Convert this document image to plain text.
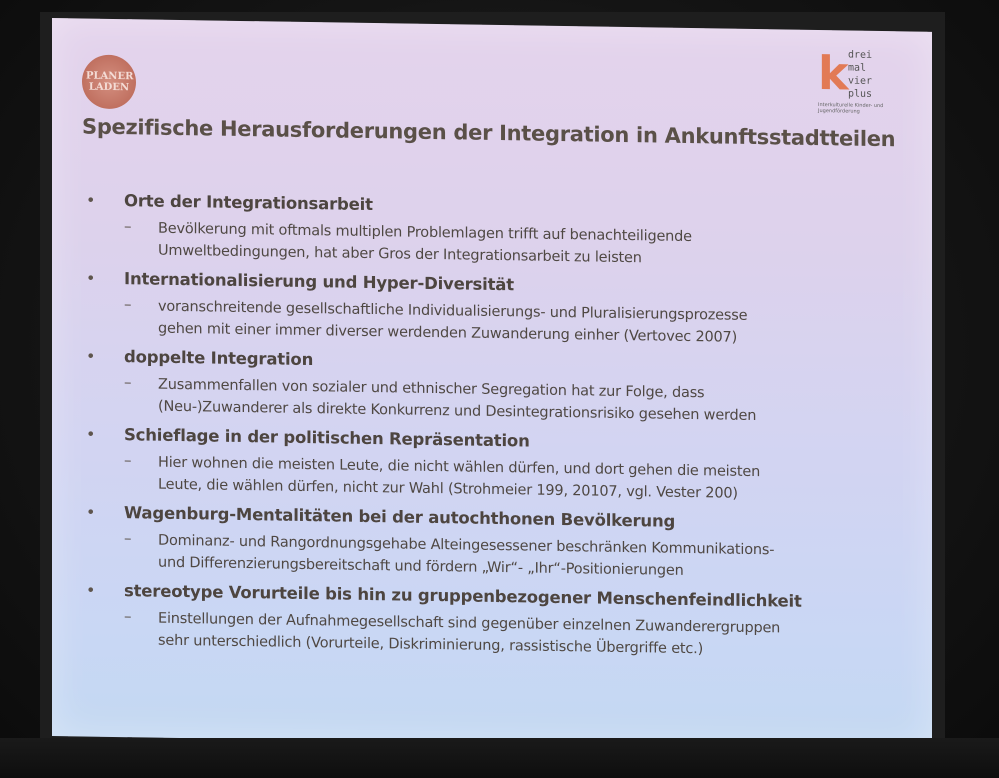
PLANER
LADEN	k drei
mal
vier
plus
Interkulturelle Kinder- und Jugendförderung
Spezifische Herausforderungen der Integration in Ankunftsstadtteilen
• Orte der Integrationsarbeit
– Bevölkerung mit oftmals multiplen Problemlagen trifft auf benachteiligende
Umweltbedingungen, hat aber Gros der Integrationsarbeit zu leisten
• Internationalisierung und Hyper-Diversität
– voranschreitende gesellschaftliche Individualisierungs- und Pluralisierungsprozesse
gehen mit einer immer diverser werdenden Zuwanderung einher (Vertovec 2007)
• doppelte Integration
– Zusammenfallen von sozialer und ethnischer Segregation hat zur Folge, dass
(Neu-)Zuwanderer als direkte Konkurrenz und Desintegrationsrisiko gesehen werden
• Schieflage in der politischen Repräsentation
– Hier wohnen die meisten Leute, die nicht wählen dürfen, und dort gehen die meisten
Leute, die wählen dürfen, nicht zur Wahl (Strohmeier 199, 20107, vgl. Vester 200)
• Wagenburg-Mentalitäten bei der autochthonen Bevölkerung
– Dominanz- und Rangordnungsgehabe Alteingesessener beschränken Kommunikations-
und Differenzierungsbereitschaft und fördern „Wir“- „Ihr“-Positionierungen
• stereotype Vorurteile bis hin zu gruppenbezogener Menschenfeindlichkeit
– Einstellungen der Aufnahmegesellschaft sind gegenüber einzelnen Zuwanderergruppen
sehr unterschiedlich (Vorurteile, Diskriminierung, rassistische Übergriffe etc.)
